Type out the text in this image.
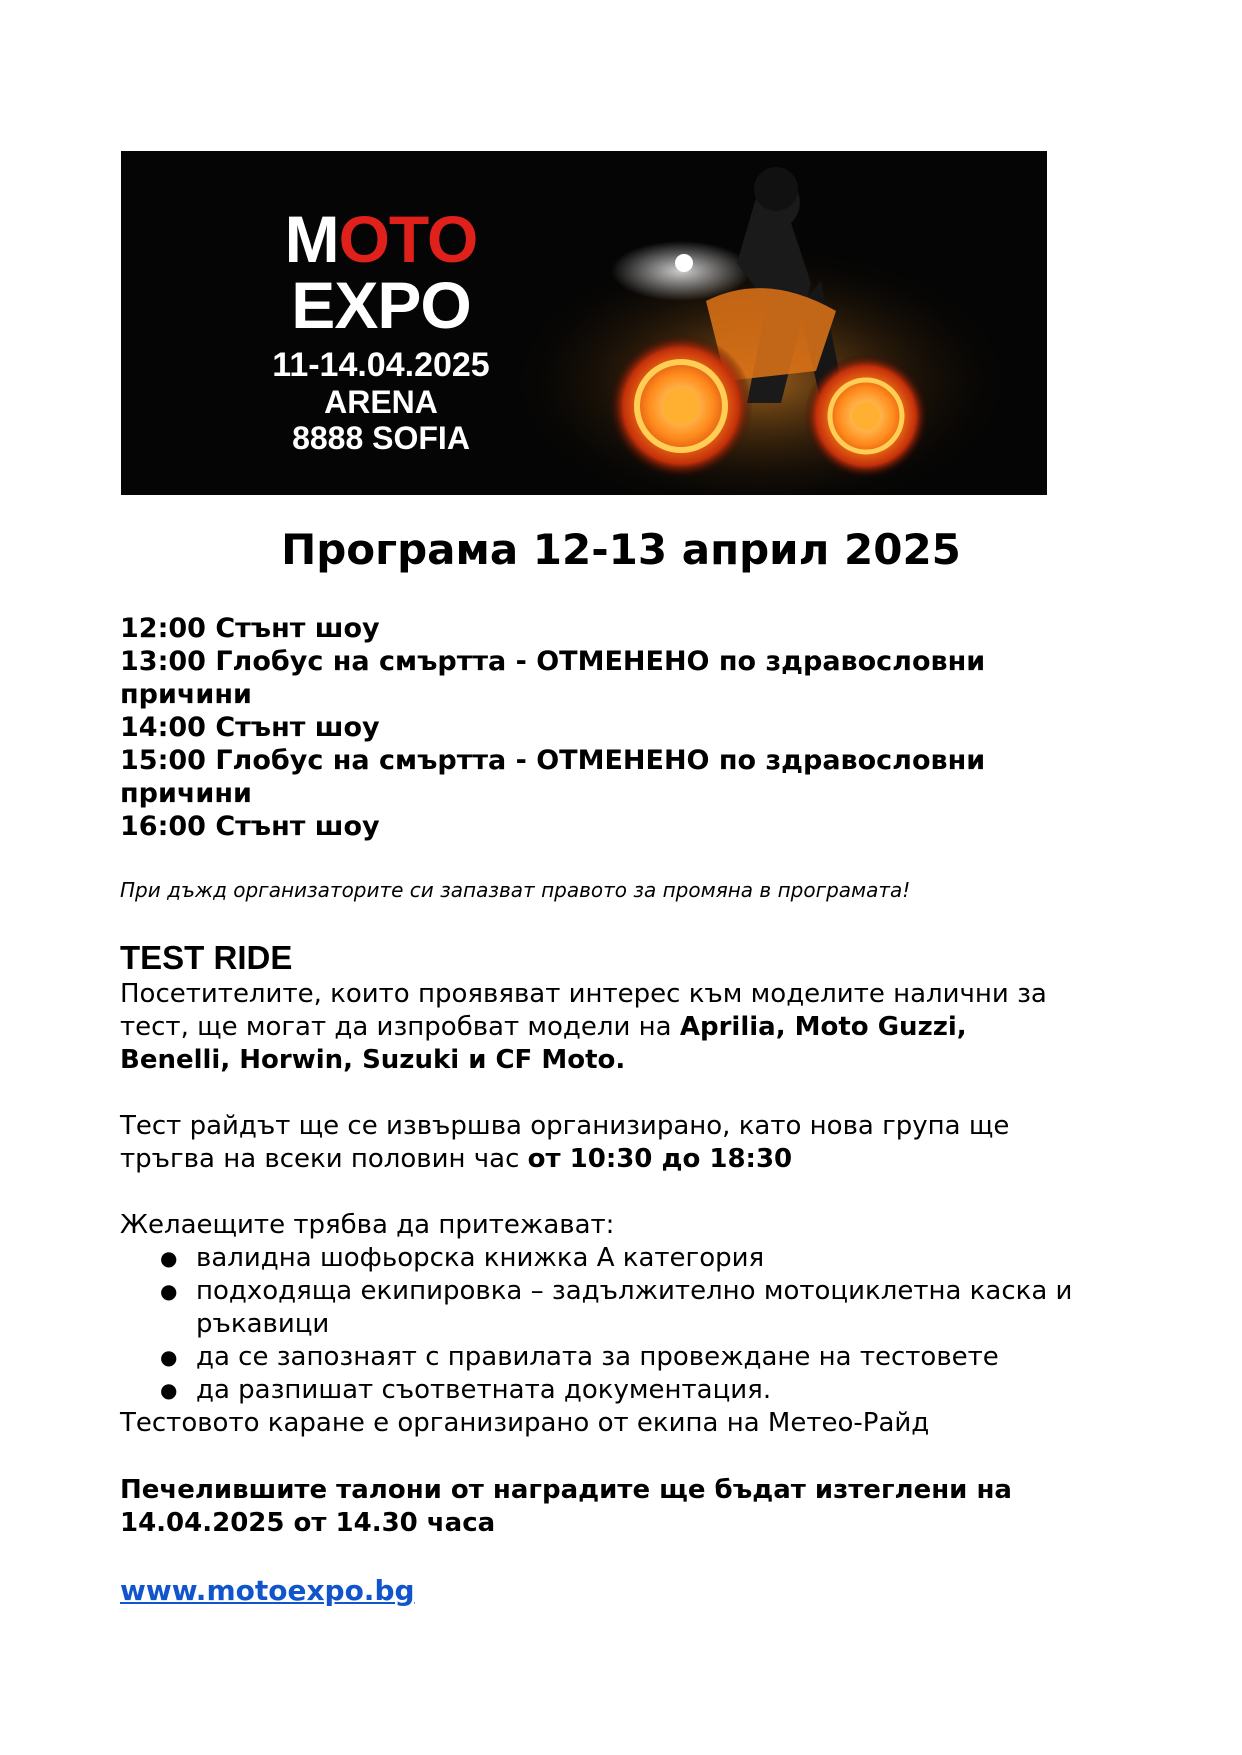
MOTO
EXPO
11-14.04.2025
ARENA
8888 SOFIA
Програма 12-13 април 2025
12:00 Стънт шоу
13:00 Глобус на смъртта - ОТМЕНЕНО по здравословни причини
14:00 Стънт шоу
15:00 Глобус на смъртта - ОТМЕНЕНО по здравословни причини
16:00 Стънт шоу
При дъжд организаторите си запазват правото за промяна в програмата!
TEST RIDE
Посетителите, които проявяват интерес към моделите налични за тест, ще могат да изпробват модели на Aprilia, Moto Guzzi, Benelli, Horwin, Suzuki и CF Moto.
Тест райдът ще се извършва организирано, като нова група ще тръгва на всеки половин час от 10:30 до 18:30
Желаещите трябва да притежават:
● валидна шофьорска книжка А категория
● подходяща екипировка – задължително мотоциклетна каска и ръкавици
● да се запознаят с правилата за провеждане на тестовете
● да разпишат съответната документация.
Тестовото каране е организирано от екипа на Метео-Райд
Печелившите талони от наградите ще бъдат изтеглени на 14.04.2025 от 14.30 часа
www.motoexpo.bg
